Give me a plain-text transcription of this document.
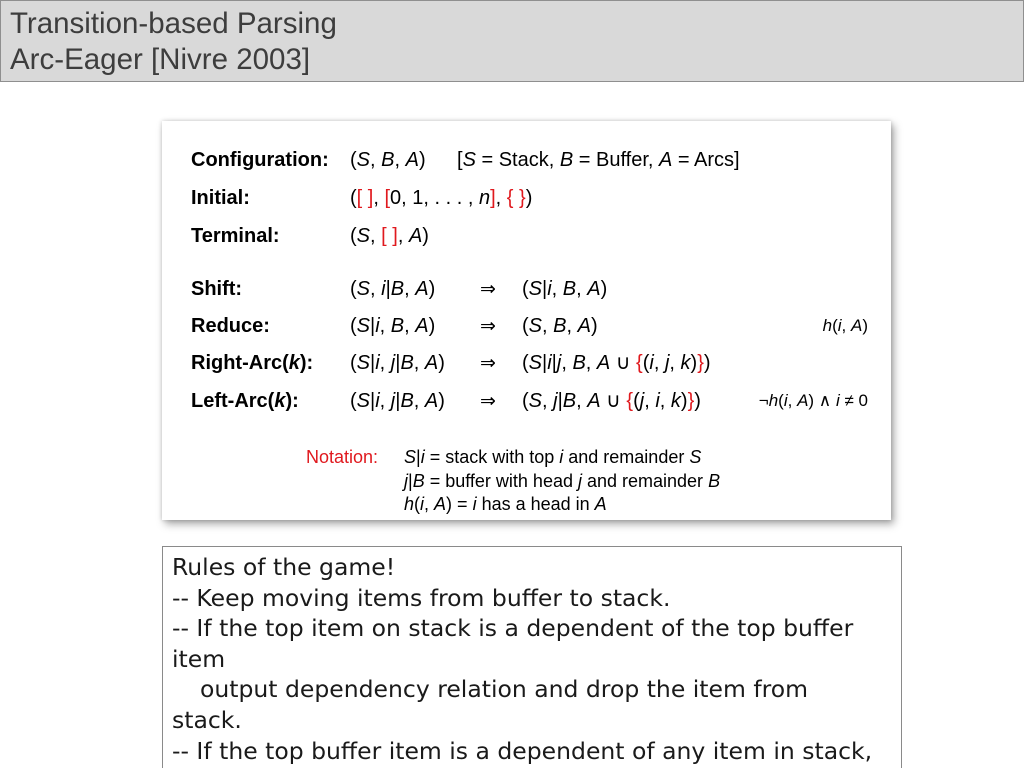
Transition-based Parsing
Arc-Eager [Nivre 2003]
Configuration: (S, B, A) [S = Stack, B = Buffer, A = Arcs]
Initial:	([ ], [0, 1, . . . , n], { })
Terminal:	(S, [ ], A)
Shift:	(S, i|B, A) ⇒ (S|i, B, A)
Reduce:	(S|i, B, A) ⇒ (S, B, A)	h(i, A)
Right-Arc(k): (S|i, j|B, A) ⇒ (S|i|j, B, A ∪ {(i, j, k)})
Left-Arc(k):	(S|i, j|B, A) ⇒ (S, j|B, A ∪ {(j, i, k)})	¬h(i, A) ∧ i ≠ 0
Notation: S|i = stack with top i and remainder S
j|B = buffer with head j and remainder B
h(i, A) = i has a head in A
Rules of the game!
-- Keep moving items from buffer to stack.
-- If the top item on stack is a dependent of the top buffer
item
output dependency relation and drop the item from
stack.
-- If the top buffer item is a dependent of any item in stack,
